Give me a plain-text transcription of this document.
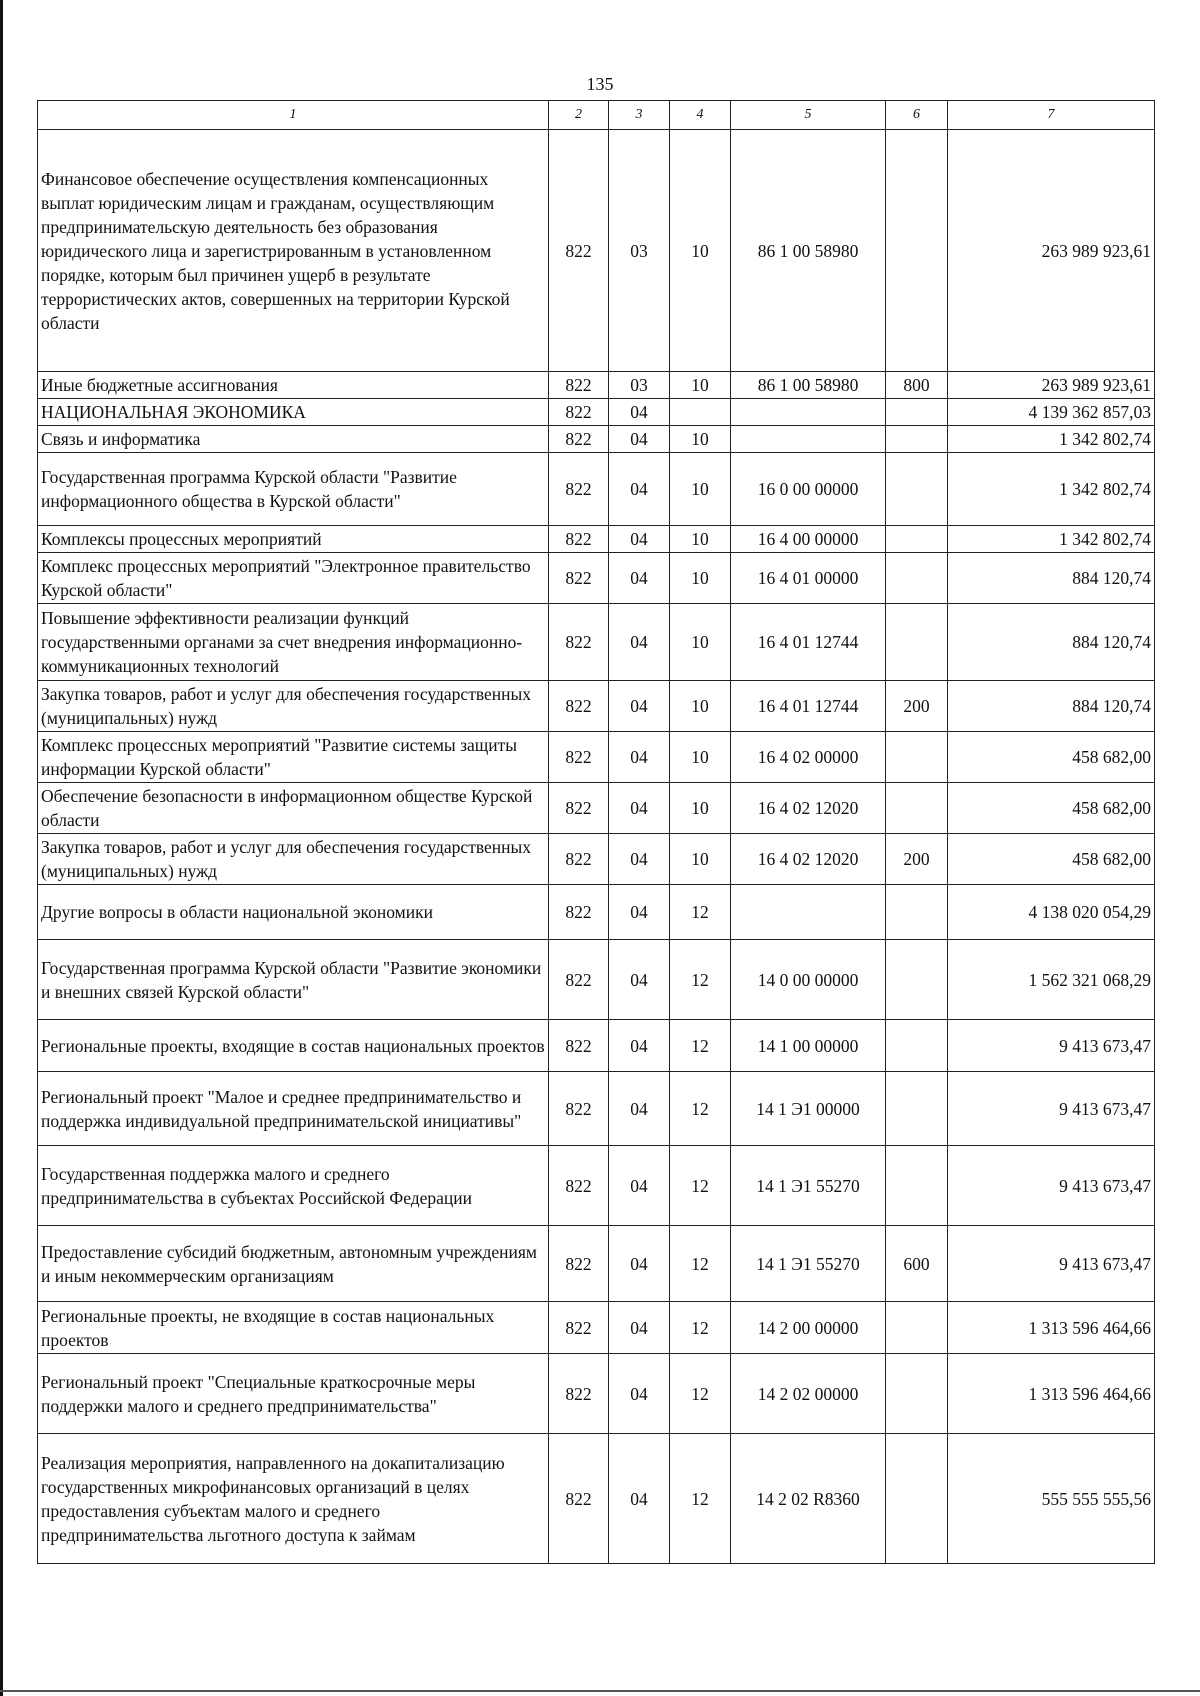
135
1	2	3	4	5	6	7
Финансовое обеспечение осуществления компенсационных выплат юридическим лицам и гражданам, осуществляющим предпринимательскую деятельность без образования юридического лица и зарегистрированным в установленном порядке, которым был причинен ущерб в результате террористических актов, совершенных на территории Курской области	822	03	10	86 1 00 58980		263 989 923,61
Иные бюджетные ассигнования	822	03	10	86 1 00 58980	800	263 989 923,61
НАЦИОНАЛЬНАЯ ЭКОНОМИКА	822	04				4 139 362 857,03
Связь и информатика	822	04	10			1 342 802,74
Государственная программа Курской области "Развитие информационного общества в Курской области"	822	04	10	16 0 00 00000		1 342 802,74
Комплексы процессных мероприятий	822	04	10	16 4 00 00000		1 342 802,74
Комплекс процессных мероприятий "Электронное правительство Курской области"	822	04	10	16 4 01 00000		884 120,74
Повышение эффективности реализации функций государственными органами за счет внедрения информационно-коммуникационных технологий	822	04	10	16 4 01 12744		884 120,74
Закупка товаров, работ и услуг для обеспечения государственных (муниципальных) нужд	822	04	10	16 4 01 12744	200	884 120,74
Комплекс процессных мероприятий "Развитие системы защиты информации Курской области"	822	04	10	16 4 02 00000		458 682,00
Обеспечение безопасности в информационном обществе Курской области	822	04	10	16 4 02 12020		458 682,00
Закупка товаров, работ и услуг для обеспечения государственных (муниципальных) нужд	822	04	10	16 4 02 12020	200	458 682,00
Другие вопросы в области национальной экономики	822	04	12			4 138 020 054,29
Государственная программа Курской области "Развитие экономики и внешних связей Курской области"	822	04	12	14 0 00 00000		1 562 321 068,29
Региональные проекты, входящие в состав национальных проектов	822	04	12	14 1 00 00000		9 413 673,47
Региональный проект "Малое и среднее предпринимательство и поддержка индивидуальной предпринимательской инициативы"	822	04	12	14 1 Э1 00000		9 413 673,47
Государственная поддержка малого и среднего предпринимательства в субъектах Российской Федерации	822	04	12	14 1 Э1 55270		9 413 673,47
Предоставление субсидий бюджетным, автономным учреждениям и иным некоммерческим организациям	822	04	12	14 1 Э1 55270	600	9 413 673,47
Региональные проекты, не входящие в состав национальных проектов	822	04	12	14 2 00 00000		1 313 596 464,66
Региональный проект "Специальные краткосрочные меры поддержки малого и среднего предпринимательства"	822	04	12	14 2 02 00000		1 313 596 464,66
Реализация мероприятия, направленного на докапитализацию государственных микрофинансовых организаций в целях предоставления субъектам малого и среднего предпринимательства льготного доступа к займам	822	04	12	14 2 02 R8360		555 555 555,56
